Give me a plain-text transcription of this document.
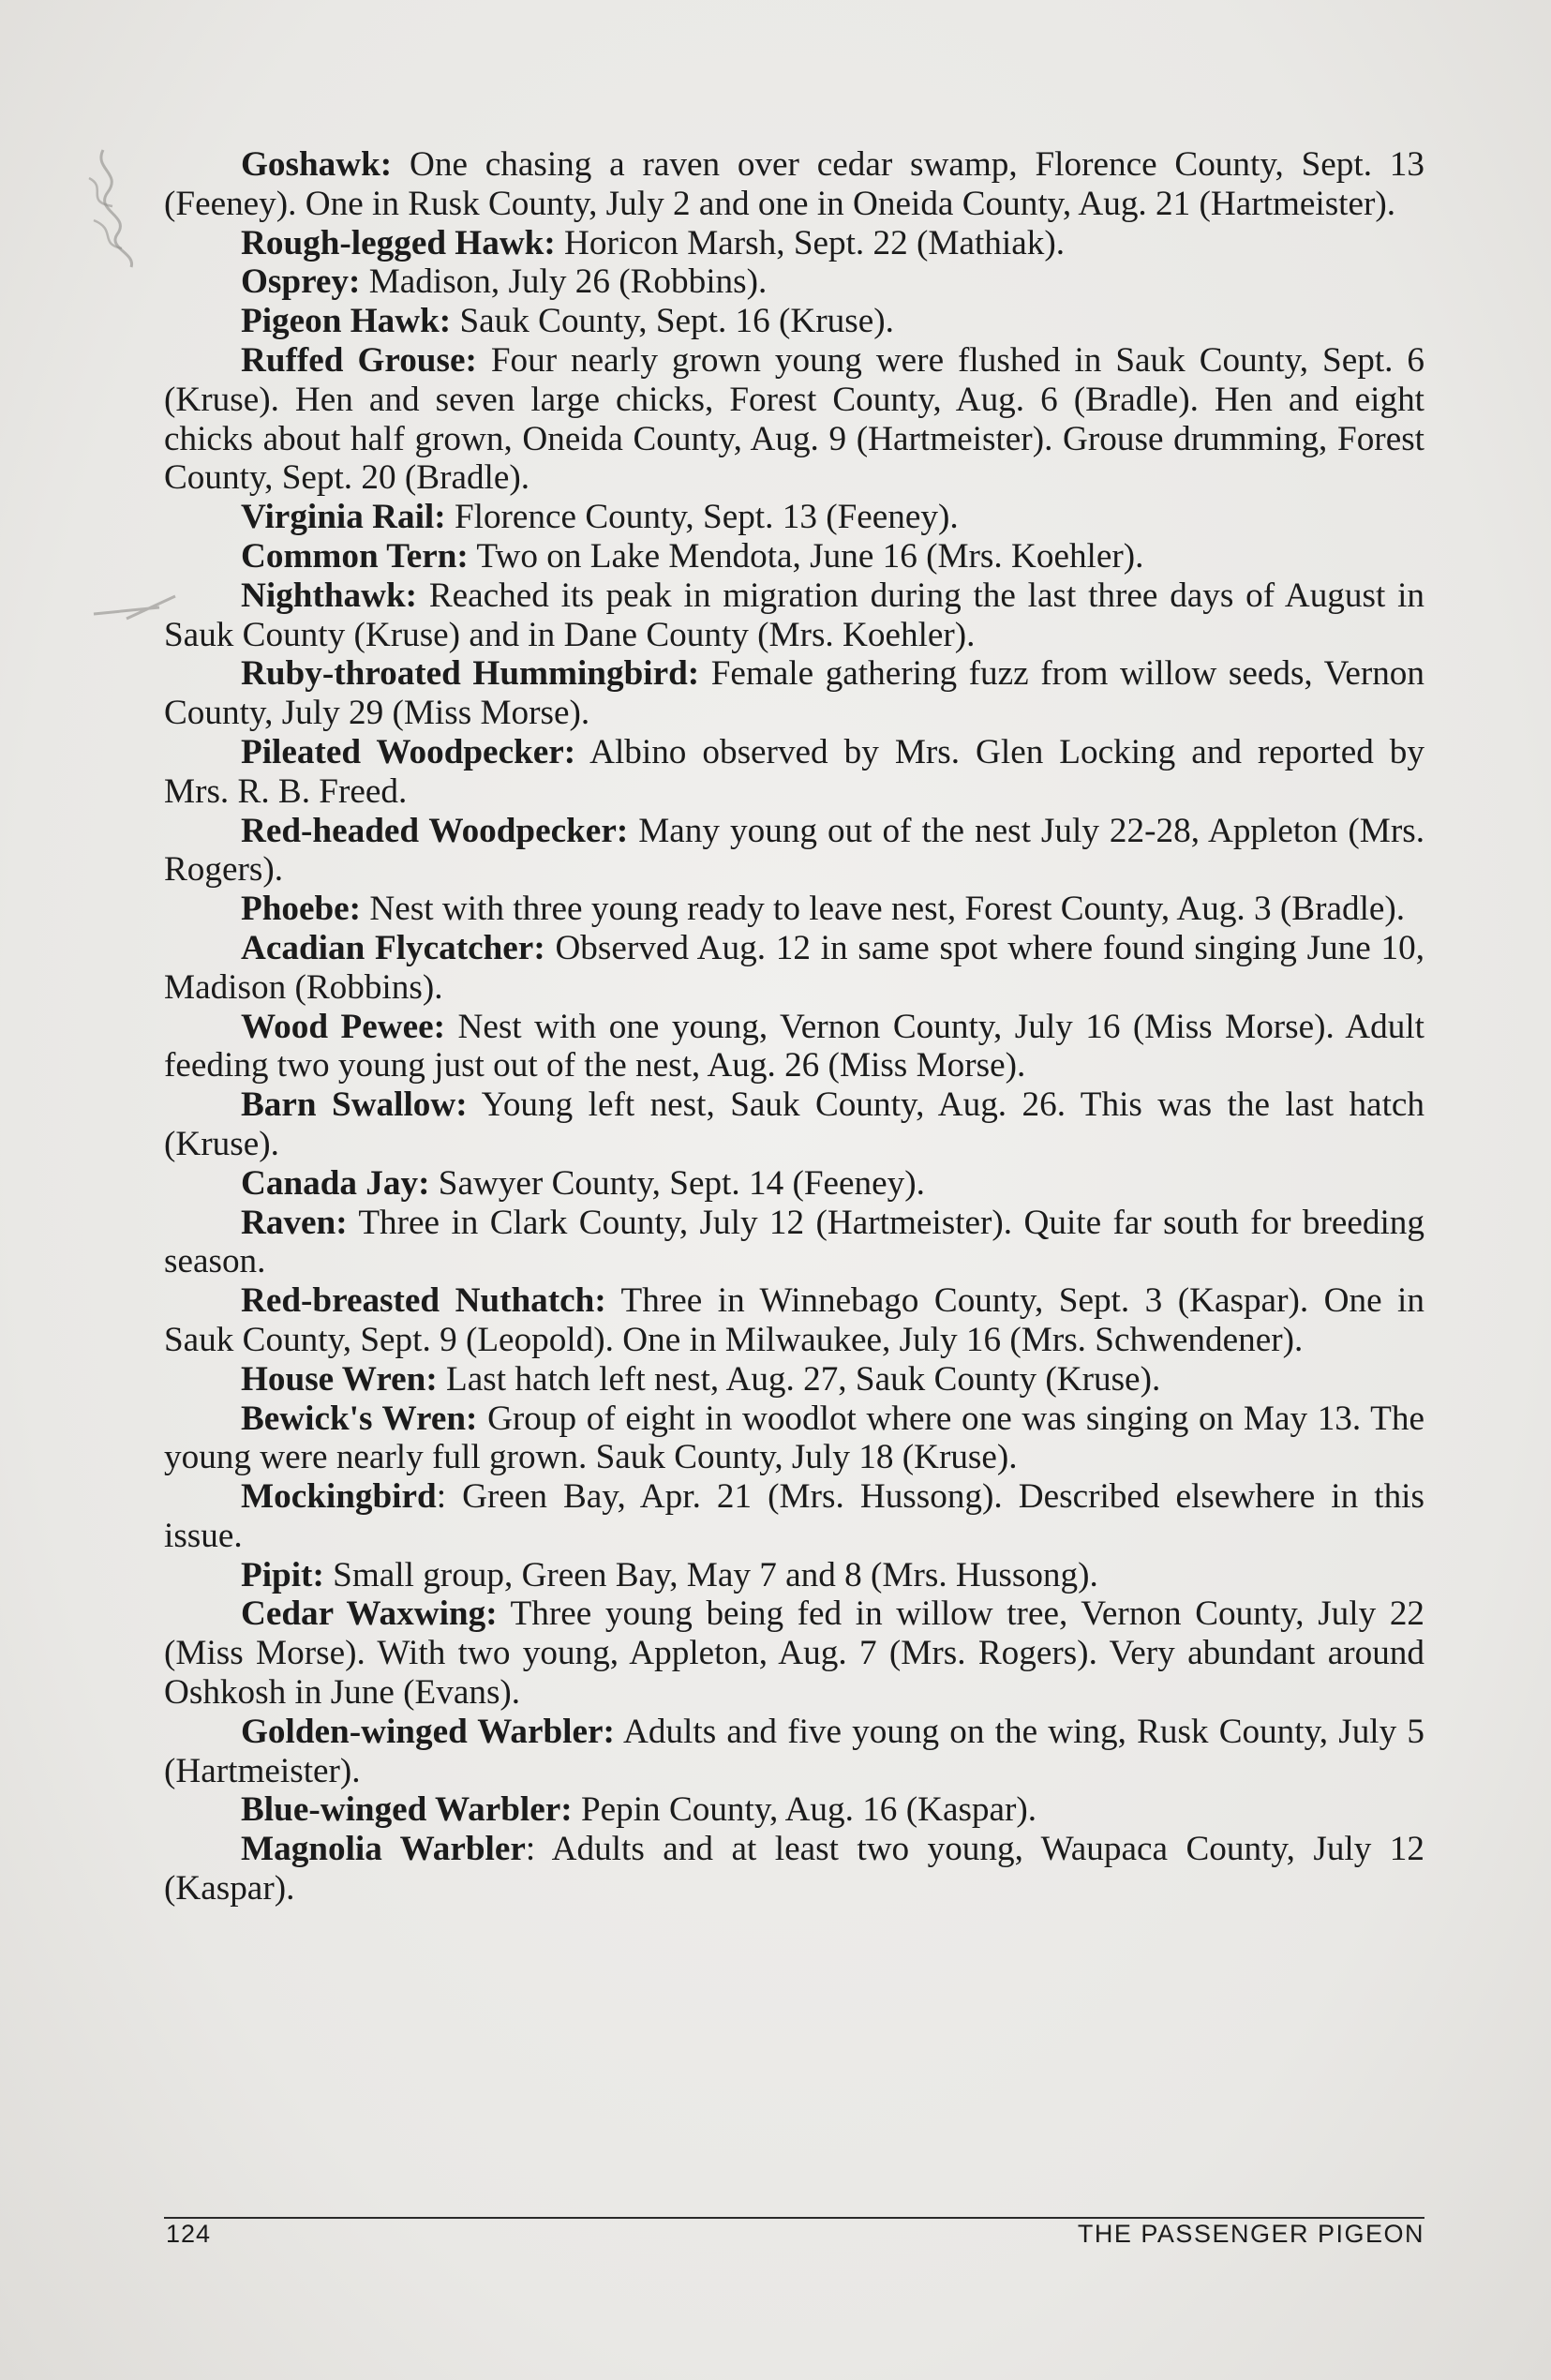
Goshawk: One chasing a raven over cedar swamp, Florence County, Sept. 13 (Feeney). One in Rusk County, July 2 and one in Oneida County, Aug. 21 (Hartmeister).

Rough-legged Hawk: Horicon Marsh, Sept. 22 (Mathiak).

Osprey: Madison, July 26 (Robbins).

Pigeon Hawk: Sauk County, Sept. 16 (Kruse).

Ruffed Grouse: Four nearly grown young were flushed in Sauk County, Sept. 6 (Kruse). Hen and seven large chicks, Forest County, Aug. 6 (Bradle). Hen and eight chicks about half grown, Oneida County, Aug. 9 (Hartmeister). Grouse drumming, Forest County, Sept. 20 (Bradle).

Virginia Rail: Florence County, Sept. 13 (Feeney).

Common Tern: Two on Lake Mendota, June 16 (Mrs. Koehler).

Nighthawk: Reached its peak in migration during the last three days of August in Sauk County (Kruse) and in Dane County (Mrs. Koehler).

Ruby-throated Hummingbird: Female gathering fuzz from willow seeds, Vernon County, July 29 (Miss Morse).

Pileated Woodpecker: Albino observed by Mrs. Glen Locking and reported by Mrs. R. B. Freed.

Red-headed Woodpecker: Many young out of the nest July 22-28, Appleton (Mrs. Rogers).

Phoebe: Nest with three young ready to leave nest, Forest County, Aug. 3 (Bradle).

Acadian Flycatcher: Observed Aug. 12 in same spot where found singing June 10, Madison (Robbins).

Wood Pewee: Nest with one young, Vernon County, July 16 (Miss Morse). Adult feeding two young just out of the nest, Aug. 26 (Miss Morse).

Barn Swallow: Young left nest, Sauk County, Aug. 26. This was the last hatch (Kruse).

Canada Jay: Sawyer County, Sept. 14 (Feeney).

Raven: Three in Clark County, July 12 (Hartmeister). Quite far south for breeding season.

Red-breasted Nuthatch: Three in Winnebago County, Sept. 3 (Kaspar). One in Sauk County, Sept. 9 (Leopold). One in Milwaukee, July 16 (Mrs. Schwendener).

House Wren: Last hatch left nest, Aug. 27, Sauk County (Kruse).

Bewick's Wren: Group of eight in woodlot where one was singing on May 13. The young were nearly full grown. Sauk County, July 18 (Kruse).

Mockingbird: Green Bay, Apr. 21 (Mrs. Hussong). Described elsewhere in this issue.

Pipit: Small group, Green Bay, May 7 and 8 (Mrs. Hussong).

Cedar Waxwing: Three young being fed in willow tree, Vernon County, July 22 (Miss Morse). With two young, Appleton, Aug. 7 (Mrs. Rogers). Very abundant around Oshkosh in June (Evans).

Golden-winged Warbler: Adults and five young on the wing, Rusk County, July 5 (Hartmeister).

Blue-winged Warbler: Pepin County, Aug. 16 (Kaspar).

Magnolia Warbler: Adults and at least two young, Waupaca County, July 12 (Kaspar).

124	THE PASSENGER PIGEON
